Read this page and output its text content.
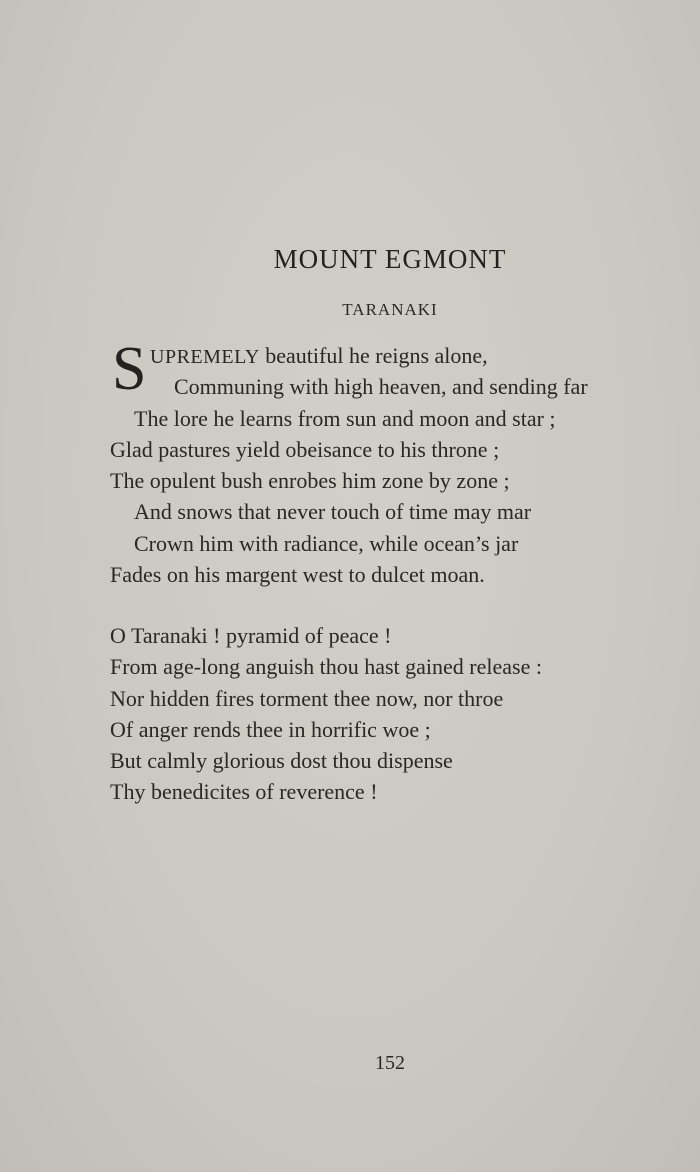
MOUNT EGMONT
TARANAKI
S UPREMELY beautiful he reigns alone,
Communing with high heaven, and sending far
The lore he learns from sun and moon and star ;
Glad pastures yield obeisance to his throne ;
The opulent bush enrobes him zone by zone ;
And snows that never touch of time may mar
Crown him with radiance, while ocean’s jar
Fades on his margent west to dulcet moan.
O Taranaki ! pyramid of peace !
From age-long anguish thou hast gained release :
Nor hidden fires torment thee now, nor throe
Of anger rends thee in horrific woe ;
But calmly glorious dost thou dispense
Thy benedicites of reverence !
152
